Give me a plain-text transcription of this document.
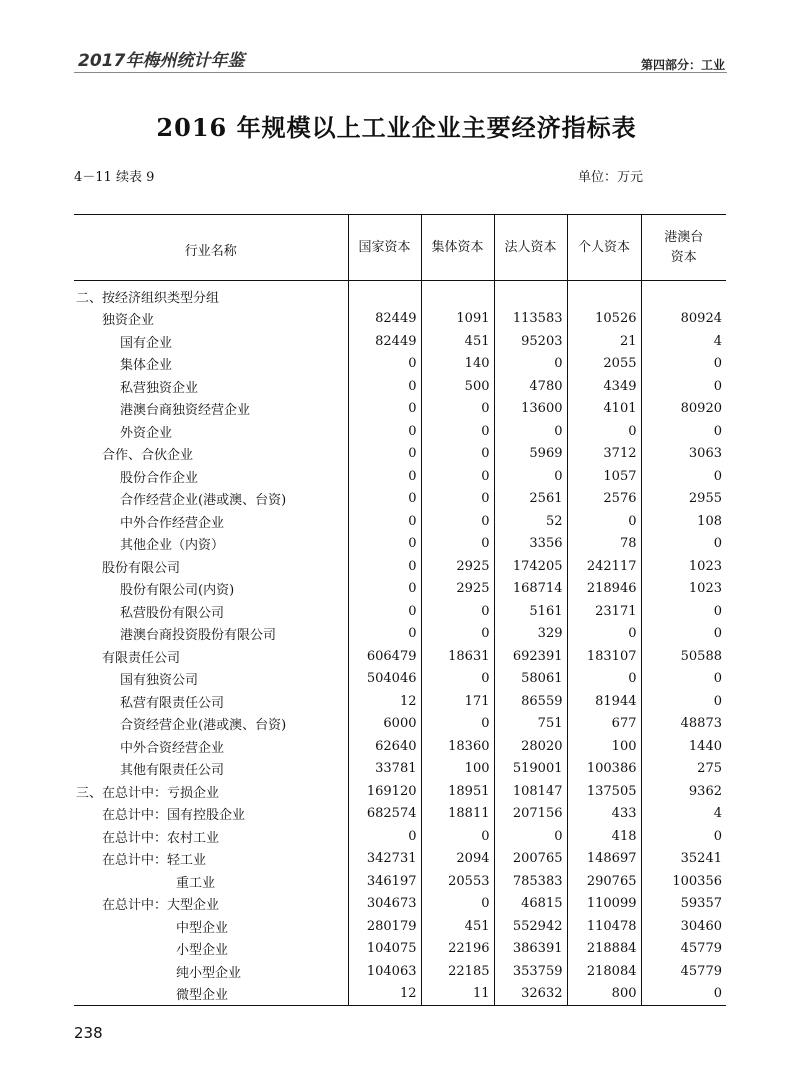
2017年梅州统计年鉴	第四部分：工业
2016 年规模以上工业企业主要经济指标表
4－11 续表 9	单位：万元
行业名称	国家资本	集体资本	法人资本	个人资本	港澳台
资本
二、按经济组织类型分组					
独资企业	82449	1091	113583	10526	80924
国有企业	82449	451	95203	21	4
集体企业	0	140	0	2055	0
私营独资企业	0	500	4780	4349	0
港澳台商独资经营企业	0	0	13600	4101	80920
外资企业	0	0	0	0	0
合作、合伙企业	0	0	5969	3712	3063
股份合作企业	0	0	0	1057	0
合作经营企业(港或澳、台资)	0	0	2561	2576	2955
中外合作经营企业	0	0	52	0	108
其他企业（内资）	0	0	3356	78	0
股份有限公司	0	2925	174205	242117	1023
股份有限公司(内资)	0	2925	168714	218946	1023
私营股份有限公司	0	0	5161	23171	0
港澳台商投资股份有限公司	0	0	329	0	0
有限责任公司	606479	18631	692391	183107	50588
国有独资公司	504046	0	58061	0	0
私营有限责任公司	12	171	86559	81944	0
合资经营企业(港或澳、台资)	6000	0	751	677	48873
中外合资经营企业	62640	18360	28020	100	1440
其他有限责任公司	33781	100	519001	100386	275
三、在总计中：亏损企业	169120	18951	108147	137505	9362
在总计中：国有控股企业	682574	18811	207156	433	4
在总计中：农村工业	0	0	0	418	0
在总计中：轻工业	342731	2094	200765	148697	35241
重工业	346197	20553	785383	290765	100356
在总计中：大型企业	304673	0	46815	110099	59357
中型企业	280179	451	552942	110478	30460
小型企业	104075	22196	386391	218884	45779
纯小型企业	104063	22185	353759	218084	45779
微型企业	12	11	32632	800	0
238
